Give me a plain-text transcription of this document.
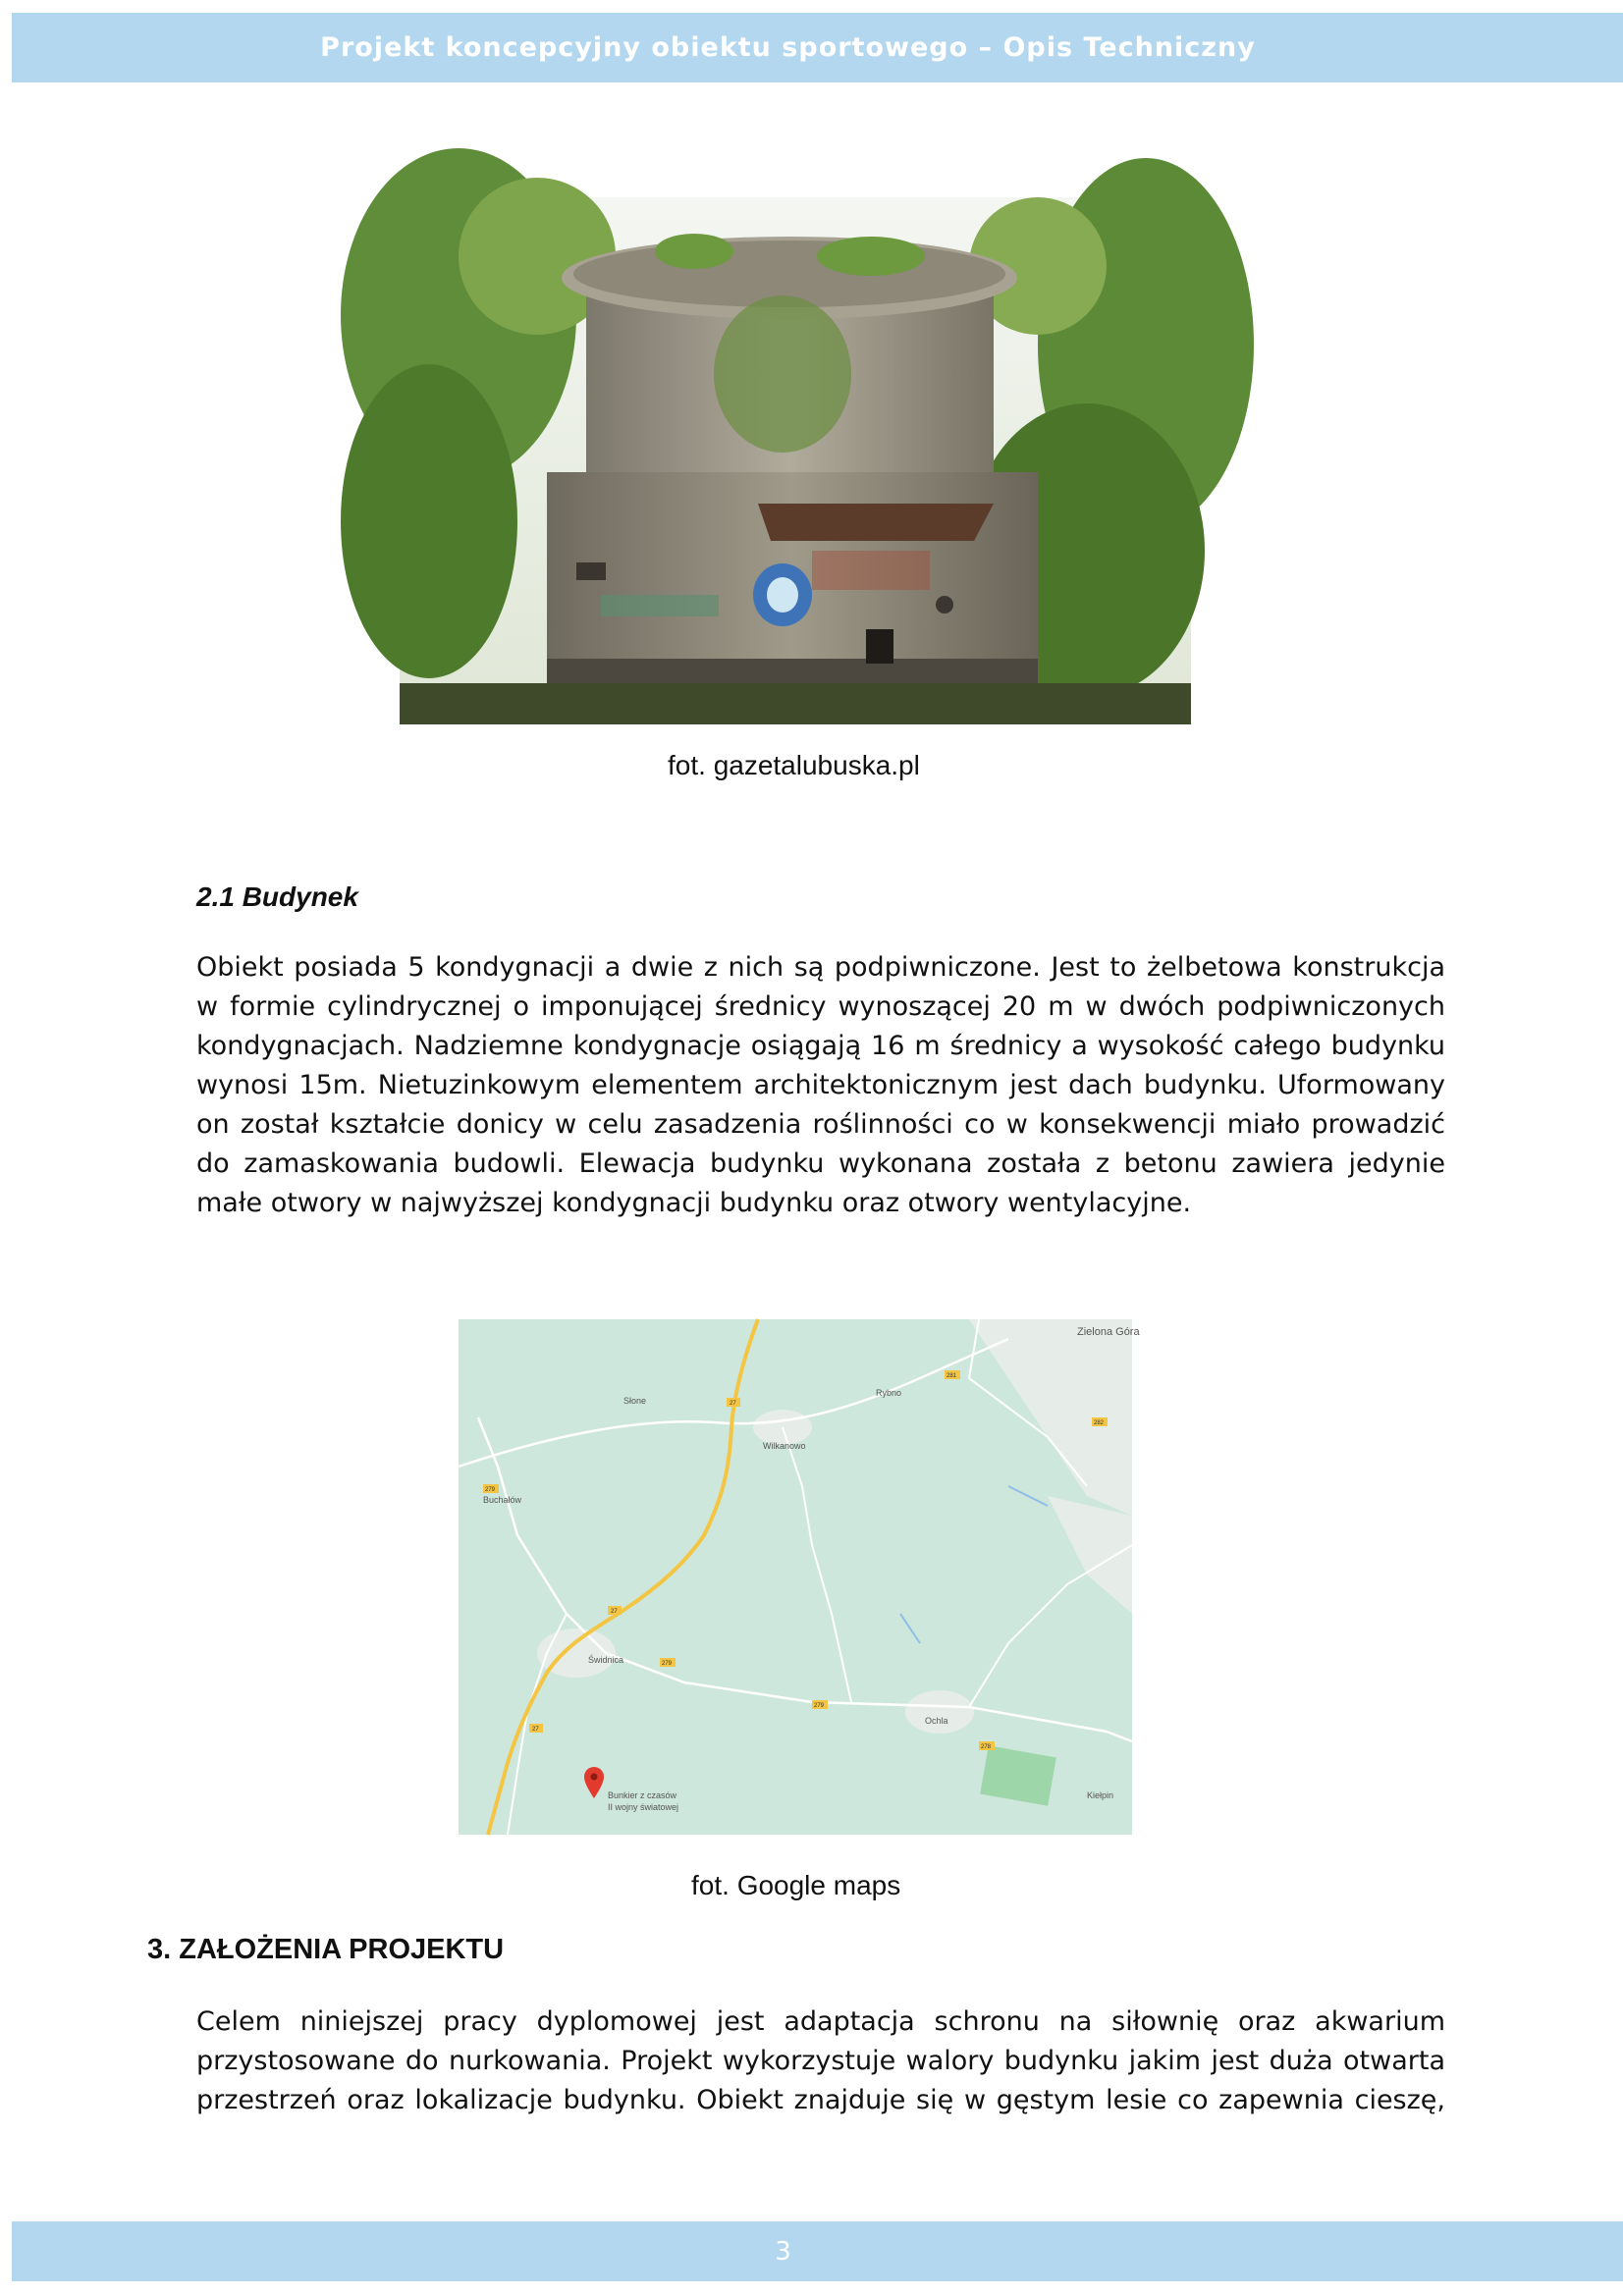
Projekt koncepcyjny obiektu sportowego – Opis Techniczny
fot. gazetalubuska.pl
2.1 Budynek
Obiekt posiada 5 kondygnacji a dwie z nich są podpiwniczone. Jest to żelbetowa konstrukcja
w formie cylindrycznej o imponującej średnicy wynoszącej 20 m w dwóch podpiwniczonych
kondygnacjach. Nadziemne kondygnacje osiągają 16 m średnicy a wysokość całego budynku
wynosi 15m. Nietuzinkowym elementem architektonicznym jest dach budynku. Uformowany
on został kształcie donicy w celu zasadzenia roślinności co w konsekwencji miało prowadzić
do zamaskowania budowli. Elewacja budynku wykonana została z betonu zawiera jedynie
małe otwory w najwyższej kondygnacji budynku oraz otwory wentylacyjne.
27
27
27
281
282
279
279
279
278
Zielona Góra
Słone
Rybno
Wilkanowo
Buchałów
Świdnica
Ochla
Kiełpin
Bunkier z czasów
II wojny światowej
fot. Google maps
3. ZAŁOŻENIA PROJEKTU
Celem niniejszej pracy dyplomowej jest adaptacja schronu na siłownię oraz akwarium
przystosowane do nurkowania. Projekt wykorzystuje walory budynku jakim jest duża otwarta
przestrzeń oraz lokalizacje budynku. Obiekt znajduje się w gęstym lesie co zapewnia cieszę,
3
